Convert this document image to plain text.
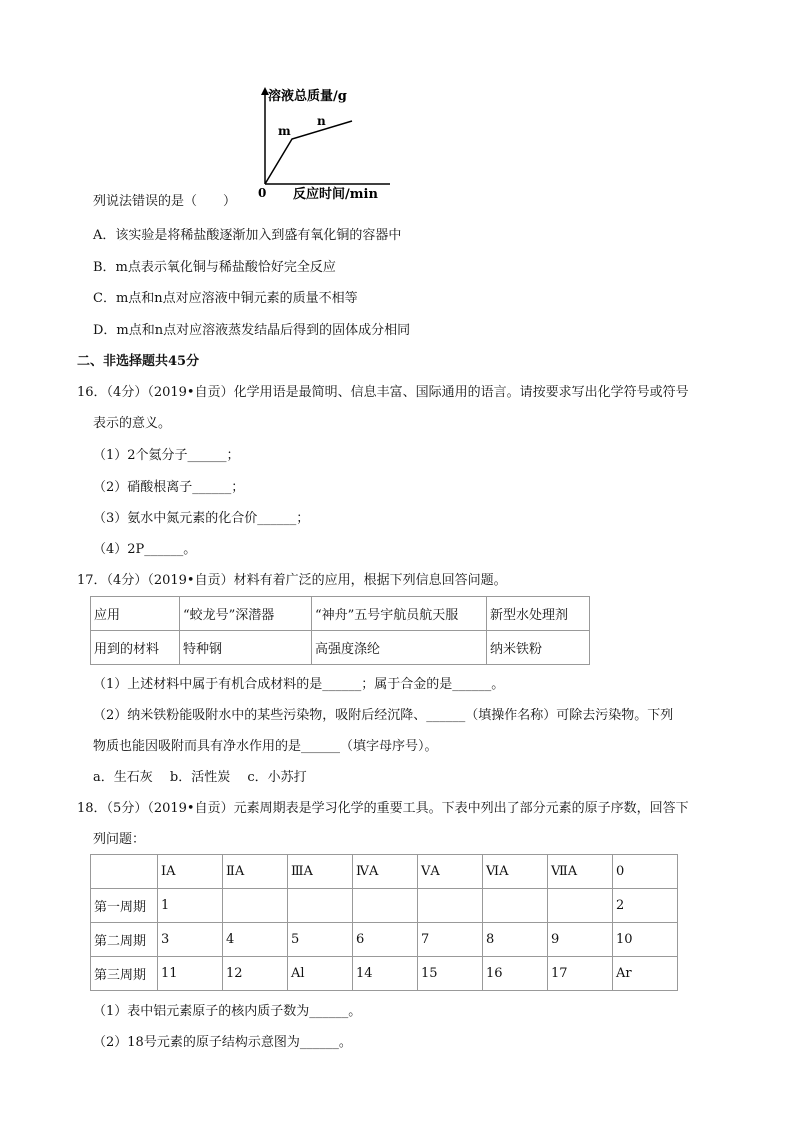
溶液总质量/g
反应时间/min
0
m
n
列说法错误的是（　　）
A．该实验是将稀盐酸逐渐加入到盛有氧化铜的容器中
B．m点表示氧化铜与稀盐酸恰好完全反应
C．m点和n点对应溶液中铜元素的质量不相等
D．m点和n点对应溶液蒸发结晶后得到的固体成分相同
二、非选择题共45分
16．（4分）（2019•自贡）化学用语是最简明、信息丰富、国际通用的语言。请按要求写出化学符号或符号
表示的意义。
（1）2个氦分子______；
（2）硝酸根离子______；
（3）氨水中氮元素的化合价______；
（4）2P______。
17．（4分）（2019•自贡）材料有着广泛的应用，根据下列信息回答问题。
应用	“蛟龙号”深潜器	“神舟”五号宇航员航天服	新型水处理剂
用到的材料	特种钢	高强度涤纶	纳米铁粉
（1）上述材料中属于有机合成材料的是______；属于合金的是______。
（2）纳米铁粉能吸附水中的某些污染物，吸附后经沉降、______（填操作名称）可除去污染物。下列
物质也能因吸附而具有净水作用的是______（填字母序号）。
a．生石灰　 b．活性炭　 c．小苏打
18．（5分）（2019•自贡）元素周期表是学习化学的重要工具。下表中列出了部分元素的原子序数，回答下
列问题：
	ⅠA	ⅡA	ⅢA	ⅣA	ⅤA	ⅥA	ⅦA	0
第一周期	1							2
第二周期	3	4	5	6	7	8	9	10
第三周期	11	12	Al	14	15	16	17	Ar
（1）表中铝元素原子的核内质子数为______。
（2）18号元素的原子结构示意图为______。
